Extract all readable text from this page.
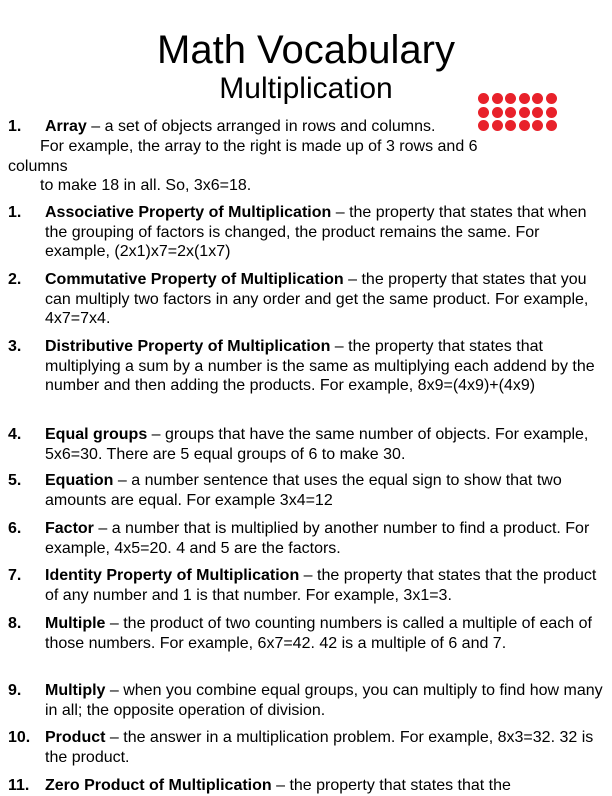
Math Vocabulary
Multiplication
1. Array – a set of objects arranged in rows and columns.
For example, the array to the right is made up of 3 rows and 6
columns
to make 18 in all. So, 3x6=18.
1. Associative Property of Multiplication – the property that states that when the grouping of factors is changed, the product remains the same. For example, (2x1)x7=2x(1x7)
2. Commutative Property of Multiplication – the property that states that you can multiply two factors in any order and get the same product. For example, 4x7=7x4.
3. Distributive Property of Multiplication – the property that states that multiplying a sum by a number is the same as multiplying each addend by the number and then adding the products. For example, 8x9=(4x9)+(4x9)
4. Equal groups – groups that have the same number of objects. For example, 5x6=30. There are 5 equal groups of 6 to make 30.
5. Equation – a number sentence that uses the equal sign to show that two amounts are equal. For example 3x4=12
6. Factor – a number that is multiplied by another number to find a product. For example, 4x5=20. 4 and 5 are the factors.
7. Identity Property of Multiplication – the property that states that the product of any number and 1 is that number. For example, 3x1=3.
8. Multiple – the product of two counting numbers is called a multiple of each of those numbers. For example, 6x7=42. 42 is a multiple of 6 and 7.
9. Multiply – when you combine equal groups, you can multiply to find how many in all; the opposite operation of division.
10. Product – the answer in a multiplication problem. For example, 8x3=32. 32 is the product.
11. Zero Product of Multiplication – the property that states that the
